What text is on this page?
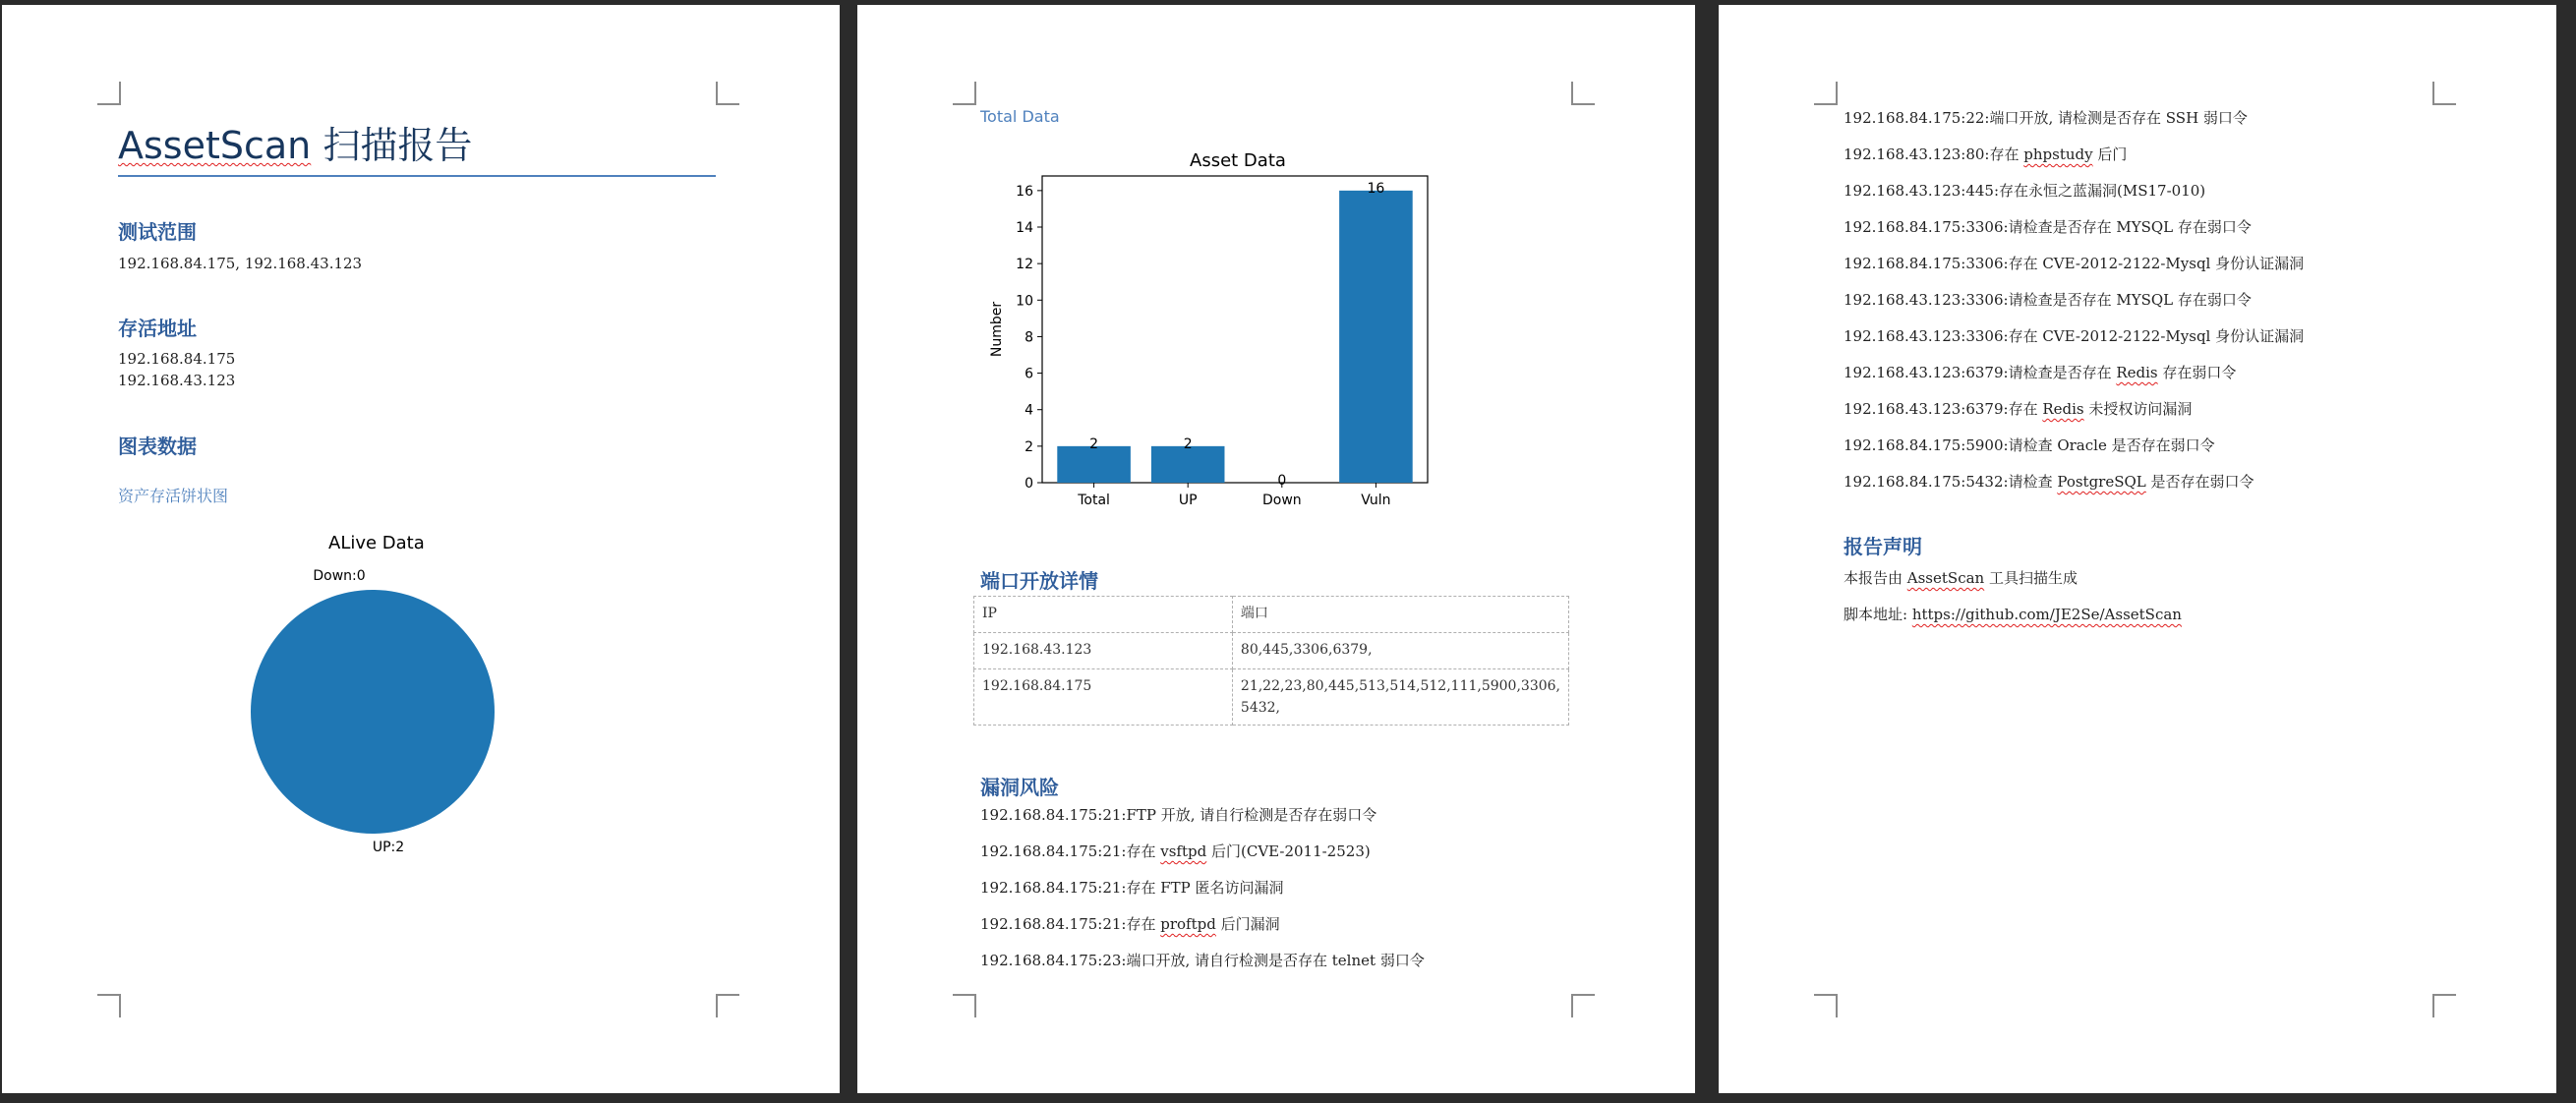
AssetScan 扫描报告
测试范围
192.168.84.175, 192.168.43.123
存活地址
192.168.84.175
192.168.43.123
图表数据
资产存活饼状图
ALive Data
Down:0
UP:2
Total Data
Asset Data
0
2
4
6
8
10
12
14
16
2
Total
2
UP
0
Down
16
Vuln
Number
端口开放详情
IP	端口
192.168.43.123	80,445,3306,6379,
192.168.84.175	21,22,23,80,445,513,514,512,111,5900,3306,
5432,
漏洞风险
192.168.84.175:21:FTP 开放, 请自行检测是否存在弱口令
192.168.84.175:21:存在 vsftpd 后门(CVE-2011-2523)
192.168.84.175:21:存在 FTP 匿名访问漏洞
192.168.84.175:21:存在 proftpd 后门漏洞
192.168.84.175:23:端口开放, 请自行检测是否存在 telnet 弱口令
192.168.84.175:22:端口开放, 请检测是否存在 SSH 弱口令
192.168.43.123:80:存在 phpstudy 后门
192.168.43.123:445:存在永恒之蓝漏洞(MS17-010)
192.168.84.175:3306:请检查是否存在 MYSQL 存在弱口令
192.168.84.175:3306:存在 CVE-2012-2122-Mysql 身份认证漏洞
192.168.43.123:3306:请检查是否存在 MYSQL 存在弱口令
192.168.43.123:3306:存在 CVE-2012-2122-Mysql 身份认证漏洞
192.168.43.123:6379:请检查是否存在 Redis 存在弱口令
192.168.43.123:6379:存在 Redis 未授权访问漏洞
192.168.84.175:5900:请检查 Oracle 是否存在弱口令
192.168.84.175:5432:请检查 PostgreSQL 是否存在弱口令
报告声明
本报告由 AssetScan 工具扫描生成
脚本地址: https://github.com/JE2Se/AssetScan
